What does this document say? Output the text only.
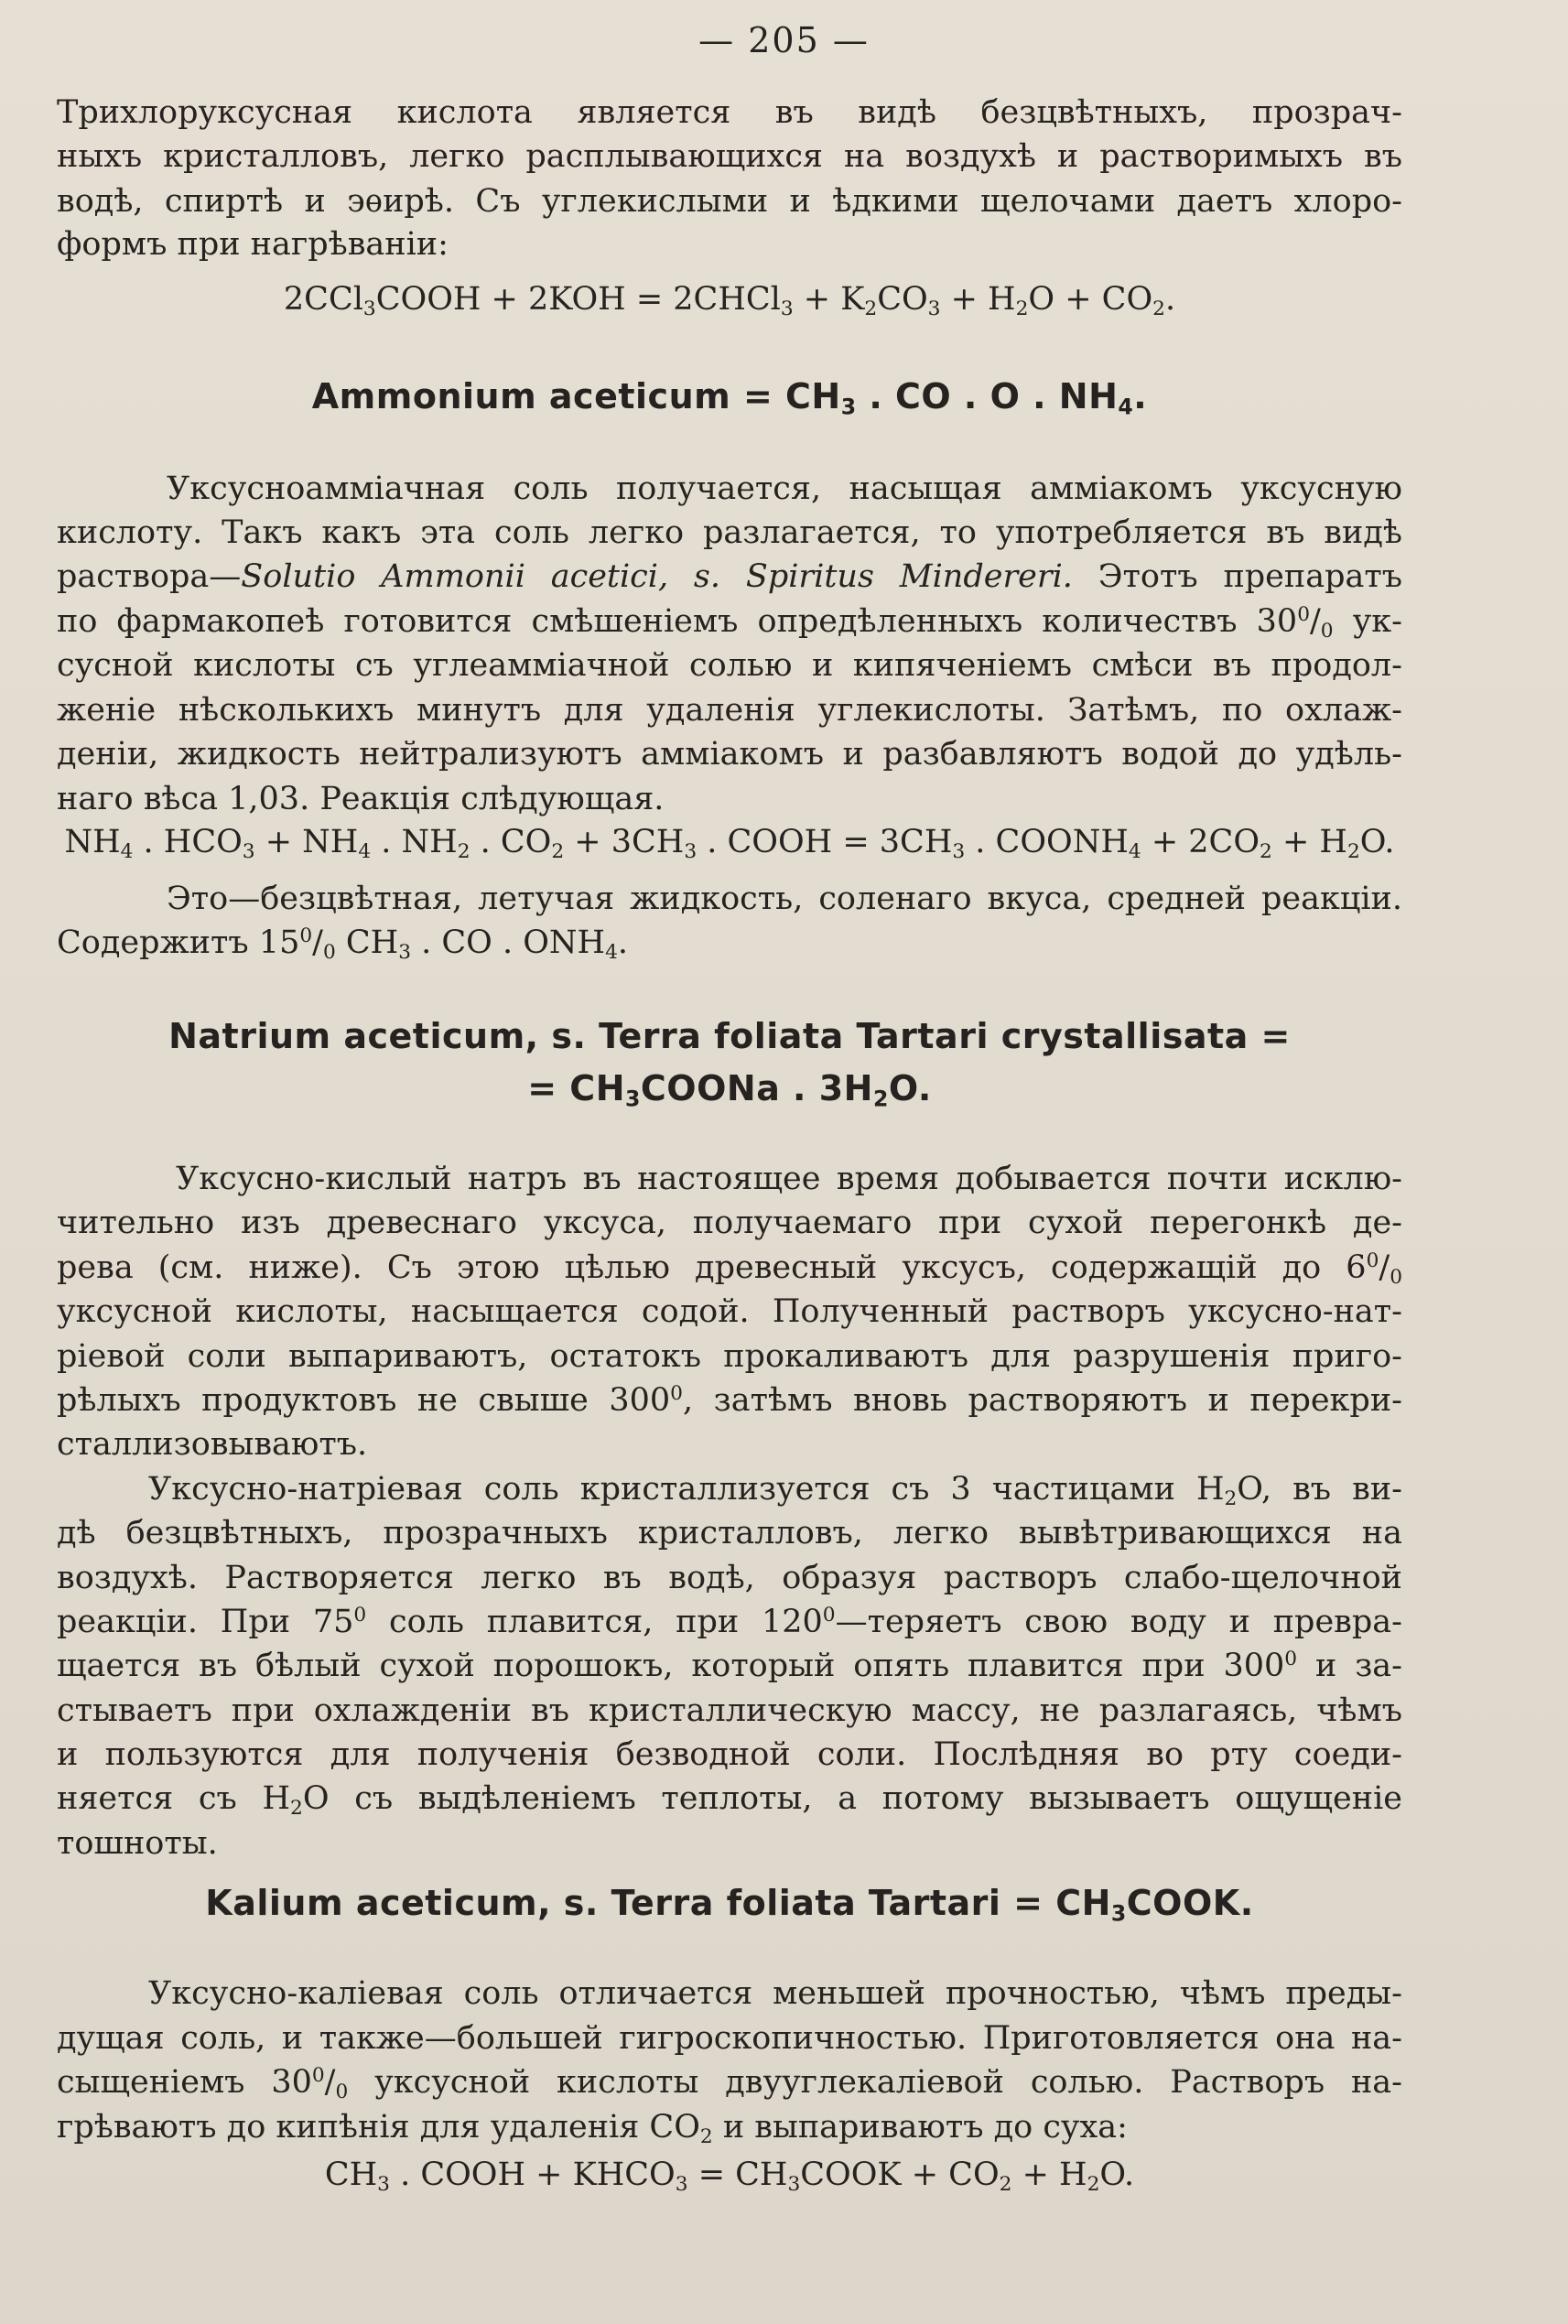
— 205 —
Трихлоруксусная кислота является въ видѣ безцвѣтныхъ, прозрач-
ныхъ кристалловъ, легко расплывающихся на воздухѣ и растворимыхъ въ
водѣ, спиртѣ и эѳирѣ. Съ углекислыми и ѣдкими щелочами даетъ хлоро-
формъ при нагрѣваніи:
2CCl$_3$COOH + 2KOH = 2CHCl$_3$ + $K_2CO_3 + H_2O + CO_2$.
Ammonium aceticum = $CH_3$ . CO . O . $NH_4$.
Уксусноамміачная соль получается, насыщая амміакомъ уксусную
кислоту. Такъ какъ эта соль легко разлагается, то употребляется въ видѣ
раствора—Solutio Ammonii acetici, s. Spiritus Mindereri. Этотъ препаратъ
по фармакопеѣ готовится смѣшеніемъ опредѣленныхъ количествъ $30^0/_0$ ук-
сусной кислоты съ углеамміачной солью и кипяченіемъ смѣси въ продол-
женіе нѣсколькихъ минутъ для удаленія углекислоты. Затѣмъ, по охлаж-
деніи, жидкость нейтрализуютъ амміакомъ и разбавляютъ водой до удѣль-
наго вѣса 1,03. Реакція слѣдующая.
$NH_4$ . $HCO_3 + NH_4$ . $NH_2$ . $CO_2 + 3CH_3$ . COOH = $3CH_3$ . $COONH_4 + 2CO_2 + H_2O$.
Это—безцвѣтная, летучая жидкость, соленаго вкуса, средней реакціи.
Содержитъ $15^0/_0$ $CH_3$ . CO . $ONH_4$.
Natrium aceticum, s. Terra foliata Tartari crystallisata =
= $CH_3COONa$ . $3H_2O$.
Уксусно-кислый натръ въ настоящее время добывается почти исклю-
чительно изъ древеснаго уксуса, получаемаго при сухой перегонкѣ де-
рева (см. ниже). Съ этою цѣлью древесный уксусъ, содержащій до $6^0/_0$
уксусной кислоты, насыщается содой. Полученный растворъ уксусно-нат-
ріевой соли выпариваютъ, остатокъ прокаливаютъ для разрушенія приго-
рѣлыхъ продуктовъ не свыше $300^0$, затѣмъ вновь растворяютъ и перекри-
сталлизовываютъ.
Уксусно-натріевая соль кристаллизуется съ 3 частицами $H_2O$, въ ви-
дѣ безцвѣтныхъ, прозрачныхъ кристалловъ, легко вывѣтривающихся на
воздухѣ. Растворяется легко въ водѣ, образуя растворъ слабо-щелочной
реакціи. При $75^0$ соль плавится, при $120^0—теряетъ$ свою воду и превра-
щается въ бѣлый сухой порошокъ, который опять плавится при $300^0$ и за-
стываетъ при охлажденіи въ кристаллическую массу, не разлагаясь, чѣмъ
и пользуются для полученія безводной соли. Послѣдняя во рту соеди-
няется съ $H_2O$ съ выдѣленіемъ теплоты, а потому вызываетъ ощущеніе
тошноты.
Kalium aceticum, s. Terra foliata Tartari = $CH_3COOK$.
Уксусно-каліевая соль отличается меньшей прочностью, чѣмъ преды-
дущая соль, и также—большей гигроскопичностью. Приготовляется она на-
сыщеніемъ $30^0/_0$ уксусной кислоты двууглекаліевой солью. Растворъ на-
грѣваютъ до кипѣнія для удаленія $CO_2$ и выпариваютъ до суха:
$CH_3$ . COOH + $KHCO_3$ = $CH_3COOK + CO_2 + H_2O$.
